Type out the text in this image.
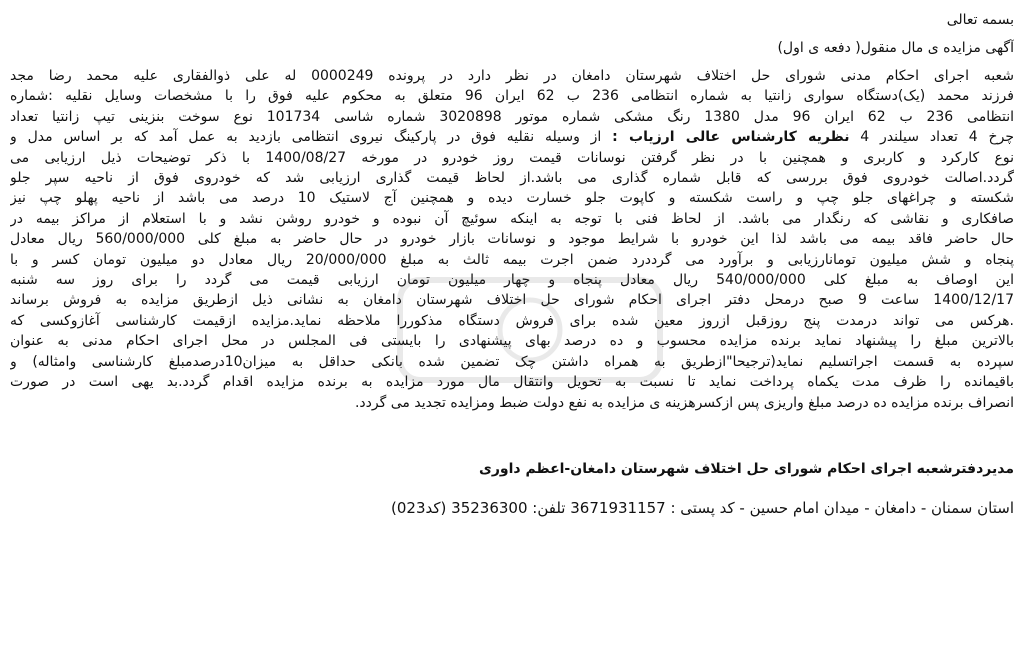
بسمه تعالی
آگهی مزایده ی مال منقول( دفعه ی اول)
شعبه اجرای احکام مدنی شورای حل اختلاف شهرستان دامغان در نظر دارد در پرونده 0000249 له علی ذوالفقاری علیه محمد رضا مجد
فرزند محمد (یک)دستگاه سواری زانتیا به شماره انتظامی 236 ب 62 ایران 96 متعلق به محکوم علیه فوق را با مشخصات وسایل نقلیه :شماره
انتظامی 236 ب 62 ایران 96 مدل 1380 رنگ مشکی شماره موتور 3020898 شماره شاسی 101734 نوع سوخت بنزینی تیپ زانتیا تعداد
چرخ 4 تعداد سیلندر 4 نظریه کارشناس عالی ارزیاب : از وسیله نقلیه فوق در پارکینگ نیروی انتظامی بازدید به عمل آمد که بر اساس مدل و
نوع کارکرد و کاربری و همچنین با در نظر گرفتن نوسانات قیمت روز خودرو در مورخه 1400/08/27 با ذکر توضیحات ذیل ارزیابی می
گردد.اصالت خودروی فوق بررسی که قابل شماره گذاری می باشد.از لحاظ قیمت گذاری ارزیابی شد که خودروی فوق از ناحیه سپر جلو
شکسته و چراغهای جلو چپ و راست شکسته و کاپوت جلو خسارت دیده و همچنین آج لاستیک 10 درصد می باشد از ناحیه پهلو چپ نیز
صافکاری و نقاشی که رنگدار می باشد. از لحاظ فنی با توجه به اینکه سوئیچ آن نبوده و خودرو روشن نشد و با استعلام از مراکز بیمه در
حال حاضر فاقد بیمه می باشد لذا این خودرو با شرایط موجود و نوسانات بازار خودرو در حال حاضر به مبلغ کلی 560/000/000 ریال معادل
پنجاه و شش میلیون تومانارزیابی و برآورد می گرددرد ضمن اجرت بیمه ثالث به مبلغ 20/000/000 ریال معادل دو میلیون تومان کسر و با
این اوصاف به مبلغ کلی 540/000/000 ریال معادل پنجاه و چهار میلیون تومان ارزیابی قیمت می گردد را برای روز سه شنبه
1400/12/17 ساعت 9 صبح درمحل دفتر اجرای احکام شورای حل اختلاف شهرستان دامغان به نشانی ذیل ازطریق مزایده به فروش برساند
.هرکس می تواند درمدت پنج روزقبل ازروز معین شده برای فروش دستگاه مذکوررا ملاحظه نماید.مزایده ازقیمت کارشناسی آغازوکسی که
بالاترین مبلغ را پیشنهاد نماید برنده مزایده محسوب و ده درصد بهای پیشنهادی را بایستی فی المجلس در محل اجرای احکام مدنی به عنوان
سپرده به قسمت اجراتسلیم نماید(ترجیحا"ازطریق به همراه داشتن چک تضمین شده بانکی حداقل به میزان10درصدمبلغ کارشناسی وامثاله) و
باقیمانده را ظرف مدت یکماه پرداخت نماید تا نسبت به تحویل وانتقال مال مورد مزایده به برنده مزایده اقدام گردد.بد یهی است در صورت
انصراف برنده مزایده ده درصد مبلغ واریزی پس ازکسرهزینه ی مزایده به نفع دولت ضبط ومزایده تجدید می گردد.
مدیردفترشعبه اجرای احکام شورای حل اختلاف شهرستان دامغان-اعظم داوری
استان سمنان - دامغان - میدان امام حسین - کد پستی : 3671931157 تلفن: 35236300 (کد023)
